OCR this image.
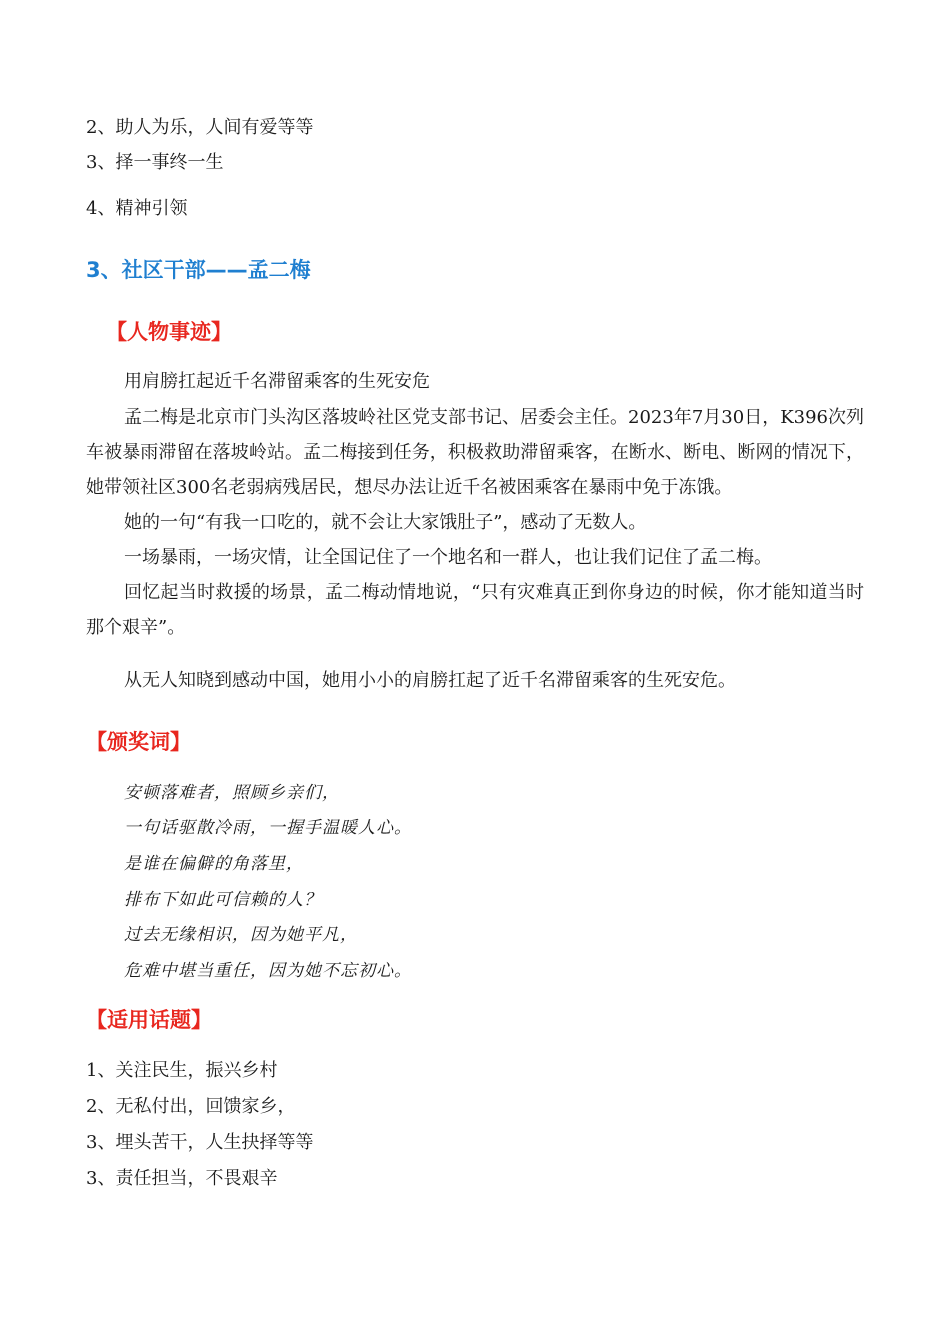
2、助人为乐，人间有爱等等
3、择一事终一生
4、精神引领
3、社区干部——孟二梅
【人物事迹】
用肩膀扛起近千名滞留乘客的生死安危

孟二梅是北京市门头沟区落坡岭社区党支部书记、居委会主任。2023年7月30日，K396次列车被暴雨滞留在落坡岭站。孟二梅接到任务，积极救助滞留乘客，在断水、断电、断网的情况下，她带领社区300名老弱病残居民，想尽办法让近千名被困乘客在暴雨中免于冻饿。

她的一句“有我一口吃的，就不会让大家饿肚子”，感动了无数人。

一场暴雨，一场灾情，让全国记住了一个地名和一群人，也让我们记住了孟二梅。

回忆起当时救援的场景，孟二梅动情地说，“只有灾难真正到你身边的时候，你才能知道当时那个艰辛”。

从无人知晓到感动中国，她用小小的肩膀扛起了近千名滞留乘客的生死安危。
【颁奖词】
安顿落难者，照顾乡亲们，
一句话驱散冷雨，一握手温暖人心。
是谁在偏僻的角落里，
排布下如此可信赖的人？
过去无缘相识，因为她平凡，
危难中堪当重任，因为她不忘初心。
【适用话题】
1、关注民生，振兴乡村
2、无私付出，回馈家乡，
3、埋头苦干，人生抉择等等
3、责任担当，不畏艰辛
